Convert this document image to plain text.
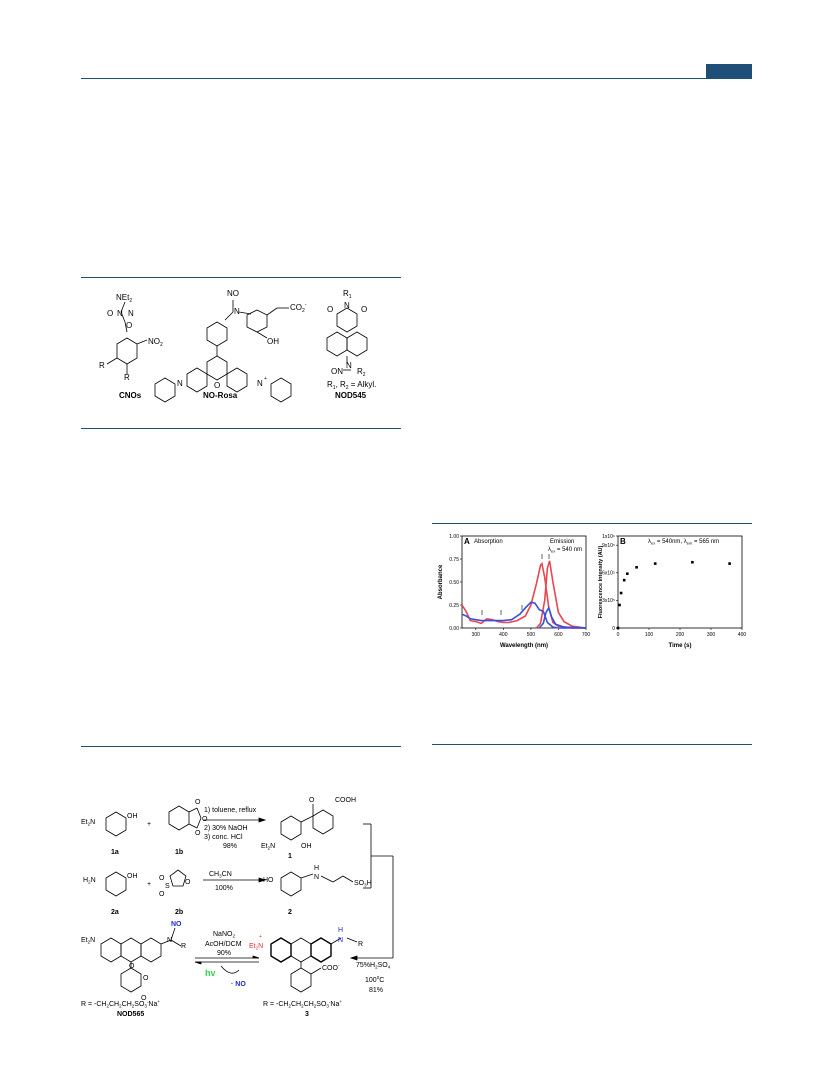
NEt$_2$
O N N
O
$NO_2$
R
R
CNOs
NO
N	$CO_2^-$
OH
N	O	N +
NO-Rosa
$R_1$
N
O	O
ON
N
$R_2$
$R_1$, $R_2$ = Alkyl.
NOD545
A Absorption	Emission
$\lambda_{ex} = 540$ nm
Wavelength (nm)
Absorbance
300	400	500	600	700
0.00
0.25
0.50
0.75
1.00
B	$\lambda_{ex} = 540nm$, $\lambda_{em} = 565$ nm
Time (s)
Fluorescence Intensity (AU)
0	100	200	300	400
0
3x10⁵
6x10⁵
9x10⁵
1x10⁶
$Et_2N$
OH
+
O
O
O
1) toluene, reflux
2) 30% NaOH
3) conc. HCl
98%
O	COOH
$Et_2N$	OH
1a	1b
1
$H_2N$
OH
+
O
S
O
O
$CH_3CN$
100%
HO
H
N
$SO_3H$
2a	2b	2
$Et_2N$
O
N
R
NO
O
O
NaNO$_2$
AcOH/DCM
90%
hv
· NO
$Et_2N$
+
H
N
R
COO- $75\%H_2SO_4$
$100^0C$
81%
$R = -CH_2CH_2CH_2SO_3^-Na^+$
NOD565
$R = -CH_2CH_2CH_2SO_3^-Na^+$
3
